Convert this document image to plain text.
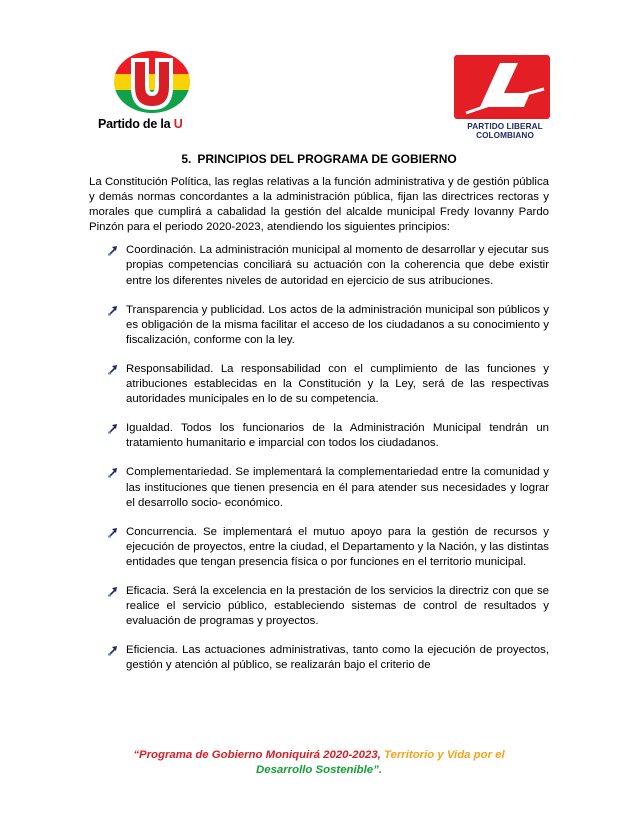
Partido de la U	PARTIDO LIBERAL
COLOMBIANO
5. PRINCIPIOS DEL PROGRAMA DE GOBIERNO

La Constitución Política, las reglas relativas a la función administrativa y de gestión pública y demás normas concordantes a la administración pública, fijan las directrices rectoras y morales que cumplirá a cabalidad la gestión del alcalde municipal Fredy Iovanny Pardo Pinzón para el periodo 2020-2023, atendiendo los siguientes principios:

Coordinación. La administración municipal al momento de desarrollar y ejecutar sus propias competencias conciliará su actuación con la coherencia que debe existir entre los diferentes niveles de autoridad en ejercicio de sus atribuciones.
Transparencia y publicidad. Los actos de la administración municipal son públicos y es obligación de la misma facilitar el acceso de los ciudadanos a su conocimiento y fiscalización, conforme con la ley.
Responsabilidad. La responsabilidad con el cumplimiento de las funciones y atribuciones establecidas en la Constitución y la Ley, será de las respectivas autoridades municipales en lo de su competencia.
Igualdad. Todos los funcionarios de la Administración Municipal tendrán un tratamiento humanitario e imparcial con todos los ciudadanos.
Complementariedad. Se implementará la complementariedad entre la comunidad y las instituciones que tienen presencia en él para atender sus necesidades y lograr el desarrollo socio- económico.
Concurrencia. Se implementará el mutuo apoyo para la gestión de recursos y ejecución de proyectos, entre la ciudad, el Departamento y la Nación, y las distintas entidades que tengan presencia física o por funciones en el territorio municipal.
Eficacia. Será la excelencia en la prestación de los servicios la directriz con que se realice el servicio público, estableciendo sistemas de control de resultados y evaluación de programas y proyectos.
Eficiencia. Las actuaciones administrativas, tanto como la ejecución de proyectos, gestión y atención al público, se realizarán bajo el criterio de
“Programa de Gobierno Moniquirá 2020-2023, Territorio y Vida por el
Desarrollo Sostenible”.
